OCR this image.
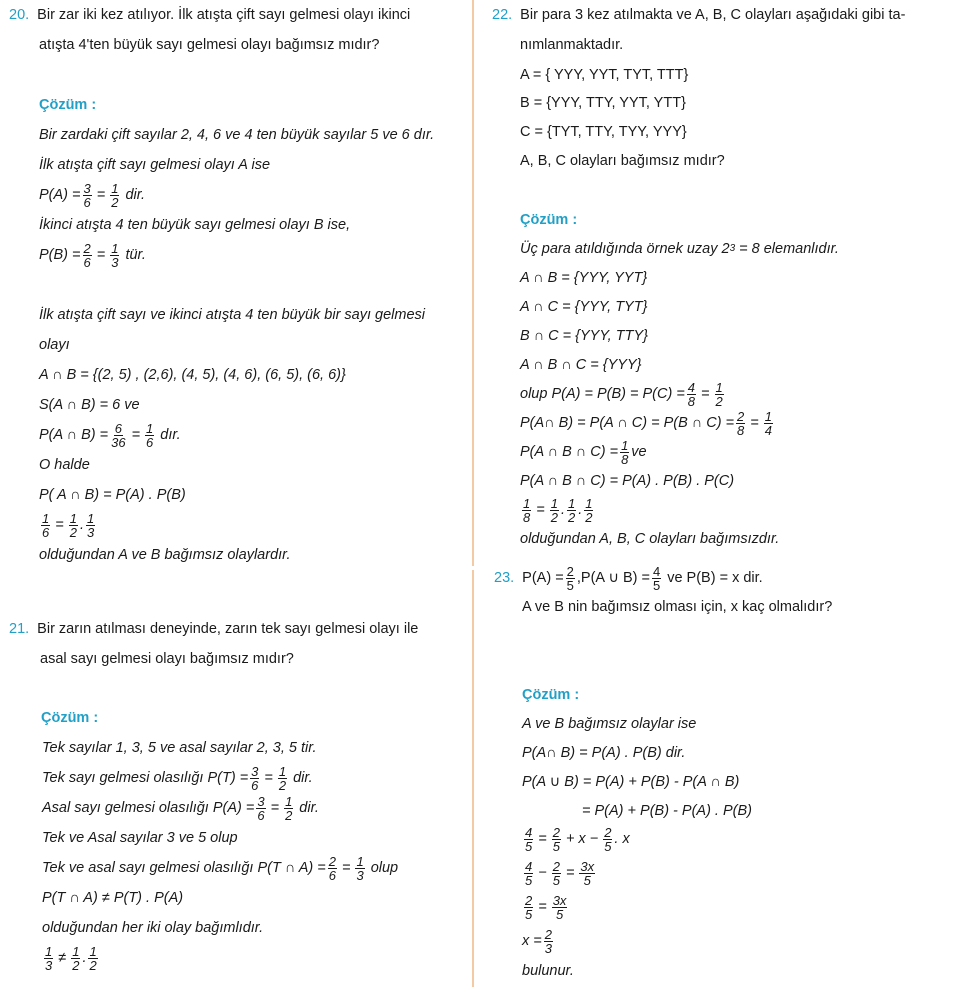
20. Bir zar iki kez atılıyor. İlk atışta çift sayı gelmesi olayı ikinci
atışta 4'ten büyük sayı gelmesi olayı bağımsız mıdır?
Çözüm :
Bir zardaki çift sayılar 2, 4, 6 ve 4 ten büyük sayılar 5 ve 6 dır.
İlk atışta çift sayı gelmesi olayı A ise
$P(A) = \frac{3}{6} = \frac{1}{2}$ dir.
İkinci atışta 4 ten büyük sayı gelmesi olayı B ise,
$P(B) = \frac{2}{6} = \frac{1}{3}$ tür.
İlk atışta çift sayı ve ikinci atışta 4 ten büyük bir sayı gelmesi
olayı
A ∩ B = {(2, 5) , (2,6), (4, 5), (4, 6), (6, 5), (6, 6)}
S(A ∩ B) = 6 ve
P(A ∩ $B) = \frac{6}{36} = \frac{1}{6}$ dır.
O halde
P( A ∩ B) = P(A) . P(B)
$\frac{1}{6} = \frac{1}{2}$ . $\frac{1}{3}$
olduğundan A ve B bağımsız olaylardır.
21. Bir zarın atılması deneyinde, zarın tek sayı gelmesi olayı ile
asal sayı gelmesi olayı bağımsız mıdır?
Çözüm :
Tek sayılar 1, 3, 5 ve asal sayılar 2, 3, 5 tir.
Tek sayı gelmesi olasılığı $P(T) = \frac{3}{6} = \frac{1}{2}$ dir.
Asal sayı gelmesi olasılığı $P(A) = \frac{3}{6} = \frac{1}{2}$ dir.
Tek ve Asal sayılar 3 ve 5 olup
Tek ve asal sayı gelmesi olasılığı P(T ∩ $A) = \frac{2}{6} = \frac{1}{3}$ olup
P(T ∩ A) ≠ P(T) . P(A)
olduğundan her iki olay bağımlıdır.
$\frac{1}{3} \ne \frac{1}{2}$ . $\frac{1}{2}$
22. Bir para 3 kez atılmakta ve A, B, C olayları aşağıdaki gibi ta-
nımlanmaktadır.
A = { YYY, YYT, TYT, TTT}
B = {YYY, TTY, YYT, YTT}
C = {TYT, TTY, TYY, YYY}
A, B, C olayları bağımsız mıdır?
Çözüm :
Üç para atıldığında örnek uzay 2 3 = 8 elemanlıdır.
A ∩ B = {YYY, YYT}
A ∩ C = {YYY, TYT}
B ∩ C = {YYY, TTY}
A ∩ B ∩ C = {YYY}
olup $P(A) = P(B) = P(C) = \frac{4}{8} = \frac{1}{2}$
P(A∩ B) = P(A ∩ C) = P(B ∩ $C) = \frac{2}{8} = \frac{1}{4}$
P(A ∩ B ∩ $C) = \frac{1}{8}$ ve
P(A ∩ B ∩ C) = P(A) . P(B) . P(C)
$\frac{1}{8} = \frac{1}{2}$ . $\frac{1}{2}$ . $\frac{1}{2}$
olduğundan A, B, C olayları bağımsızdır.
23. $P(A) = \frac{2}{5} ,P(A$ ∪ $B) = \frac{4}{5}$ ve P(B) = x dir.
A ve B nin bağımsız olması için, x kaç olmalıdır?
Çözüm :
A ve B bağımsız olaylar ise
P(A∩ B) = P(A) . P(B) dir.
P(A ∪ B) = P(A) + P(B) - P(A ∩ B)
= P(A) + P(B) - P(A) . P(B)
$\frac{4}{5} = \frac{2}{5} + x - \frac{2}{5}$ . x
$\frac{4}{5} - \frac{2}{5} = \frac{3x}{5}$
$\frac{2}{5} = \frac{3x}{5}$
$x = \frac{2}{3}$
bulunur.
